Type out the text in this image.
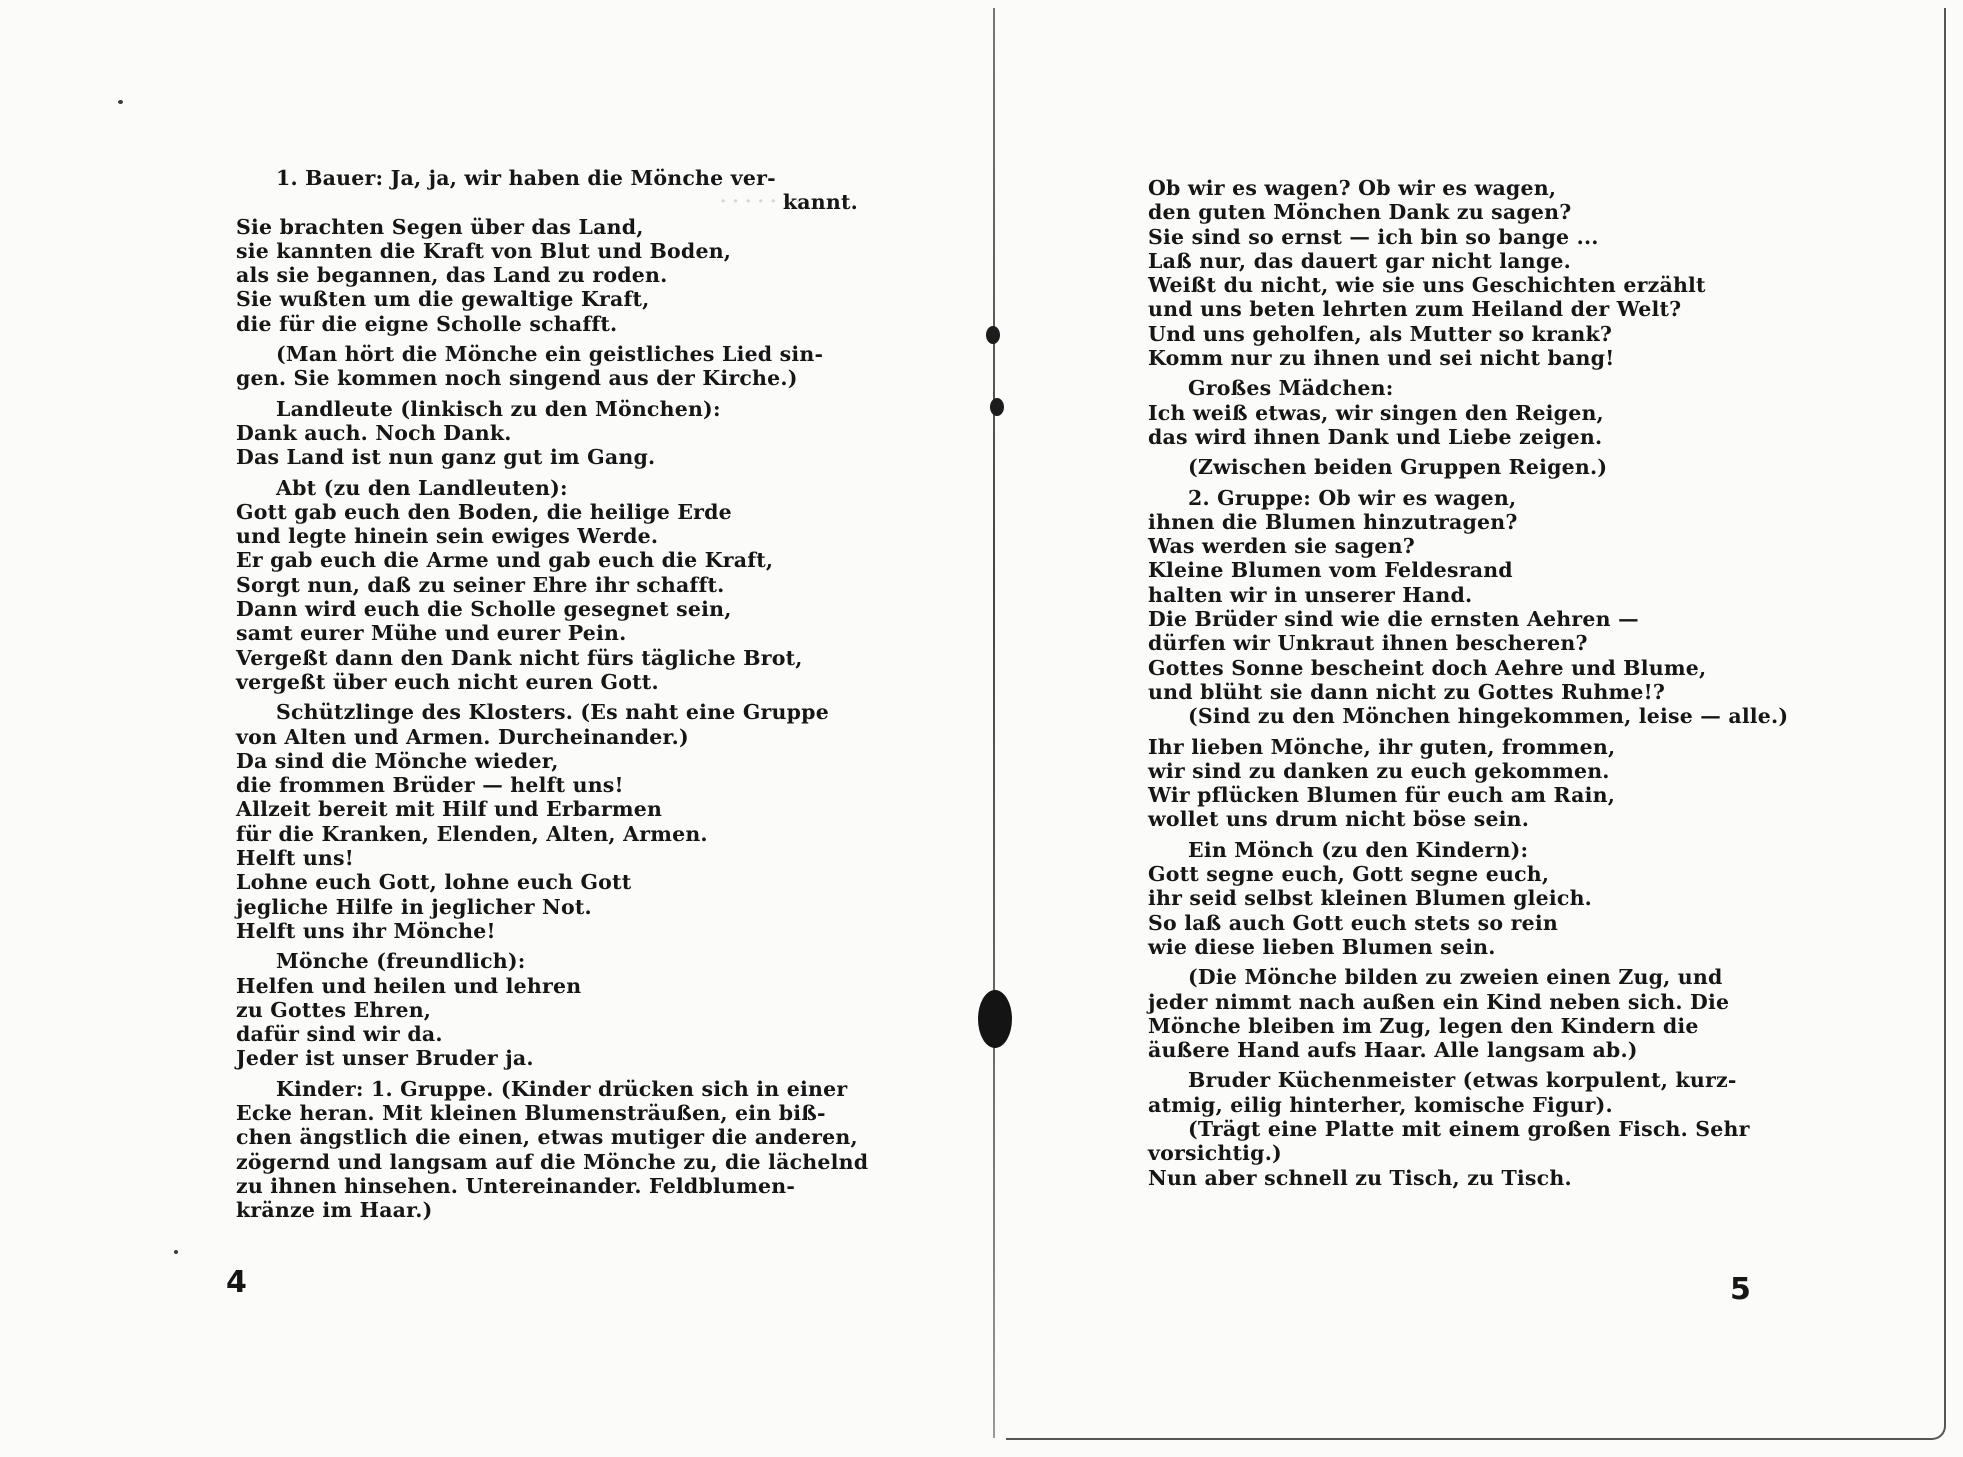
· · · · · · ·
1. Bauer: Ja, ja, wir haben die Mönche ver-
kannt.
Sie brachten Segen über das Land,
sie kannten die Kraft von Blut und Boden,
als sie begannen, das Land zu roden.
Sie wußten um die gewaltige Kraft,
die für die eigne Scholle schafft.
(Man hört die Mönche ein geistliches Lied sin-
gen. Sie kommen noch singend aus der Kirche.)
Landleute (linkisch zu den Mönchen):
Dank auch. Noch Dank.
Das Land ist nun ganz gut im Gang.
Abt (zu den Landleuten):
Gott gab euch den Boden, die heilige Erde
und legte hinein sein ewiges Werde.
Er gab euch die Arme und gab euch die Kraft,
Sorgt nun, daß zu seiner Ehre ihr schafft.
Dann wird euch die Scholle gesegnet sein,
samt eurer Mühe und eurer Pein.
Vergeßt dann den Dank nicht fürs tägliche Brot,
vergeßt über euch nicht euren Gott.
Schützlinge des Klosters. (Es naht eine Gruppe
von Alten und Armen. Durcheinander.)
Da sind die Mönche wieder,
die frommen Brüder — helft uns!
Allzeit bereit mit Hilf und Erbarmen
für die Kranken, Elenden, Alten, Armen.
Helft uns!
Lohne euch Gott, lohne euch Gott
jegliche Hilfe in jeglicher Not.
Helft uns ihr Mönche!
Mönche (freundlich):
Helfen und heilen und lehren
zu Gottes Ehren,
dafür sind wir da.
Jeder ist unser Bruder ja.
Kinder: 1. Gruppe. (Kinder drücken sich in einer
Ecke heran. Mit kleinen Blumensträußen, ein biß-
chen ängstlich die einen, etwas mutiger die anderen,
zögernd und langsam auf die Mönche zu, die lächelnd
zu ihnen hinsehen. Untereinander. Feldblumen-
kränze im Haar.)
4	5
Ob wir es wagen? Ob wir es wagen,
den guten Mönchen Dank zu sagen?
Sie sind so ernst — ich bin so bange ...
Laß nur, das dauert gar nicht lange.
Weißt du nicht, wie sie uns Geschichten erzählt
und uns beten lehrten zum Heiland der Welt?
Und uns geholfen, als Mutter so krank?
Komm nur zu ihnen und sei nicht bang!
Großes Mädchen:
Ich weiß etwas, wir singen den Reigen,
das wird ihnen Dank und Liebe zeigen.
(Zwischen beiden Gruppen Reigen.)
2. Gruppe: Ob wir es wagen,
ihnen die Blumen hinzutragen?
Was werden sie sagen?
Kleine Blumen vom Feldesrand
halten wir in unserer Hand.
Die Brüder sind wie die ernsten Aehren —
dürfen wir Unkraut ihnen bescheren?
Gottes Sonne bescheint doch Aehre und Blume,
und blüht sie dann nicht zu Gottes Ruhme!?
(Sind zu den Mönchen hingekommen, leise — alle.)
Ihr lieben Mönche, ihr guten, frommen,
wir sind zu danken zu euch gekommen.
Wir pflücken Blumen für euch am Rain,
wollet uns drum nicht böse sein.
Ein Mönch (zu den Kindern):
Gott segne euch, Gott segne euch,
ihr seid selbst kleinen Blumen gleich.
So laß auch Gott euch stets so rein
wie diese lieben Blumen sein.
(Die Mönche bilden zu zweien einen Zug, und
jeder nimmt nach außen ein Kind neben sich. Die
Mönche bleiben im Zug, legen den Kindern die
äußere Hand aufs Haar. Alle langsam ab.)
Bruder Küchenmeister (etwas korpulent, kurz-
atmig, eilig hinterher, komische Figur).
(Trägt eine Platte mit einem großen Fisch. Sehr
vorsichtig.)
Nun aber schnell zu Tisch, zu Tisch.
